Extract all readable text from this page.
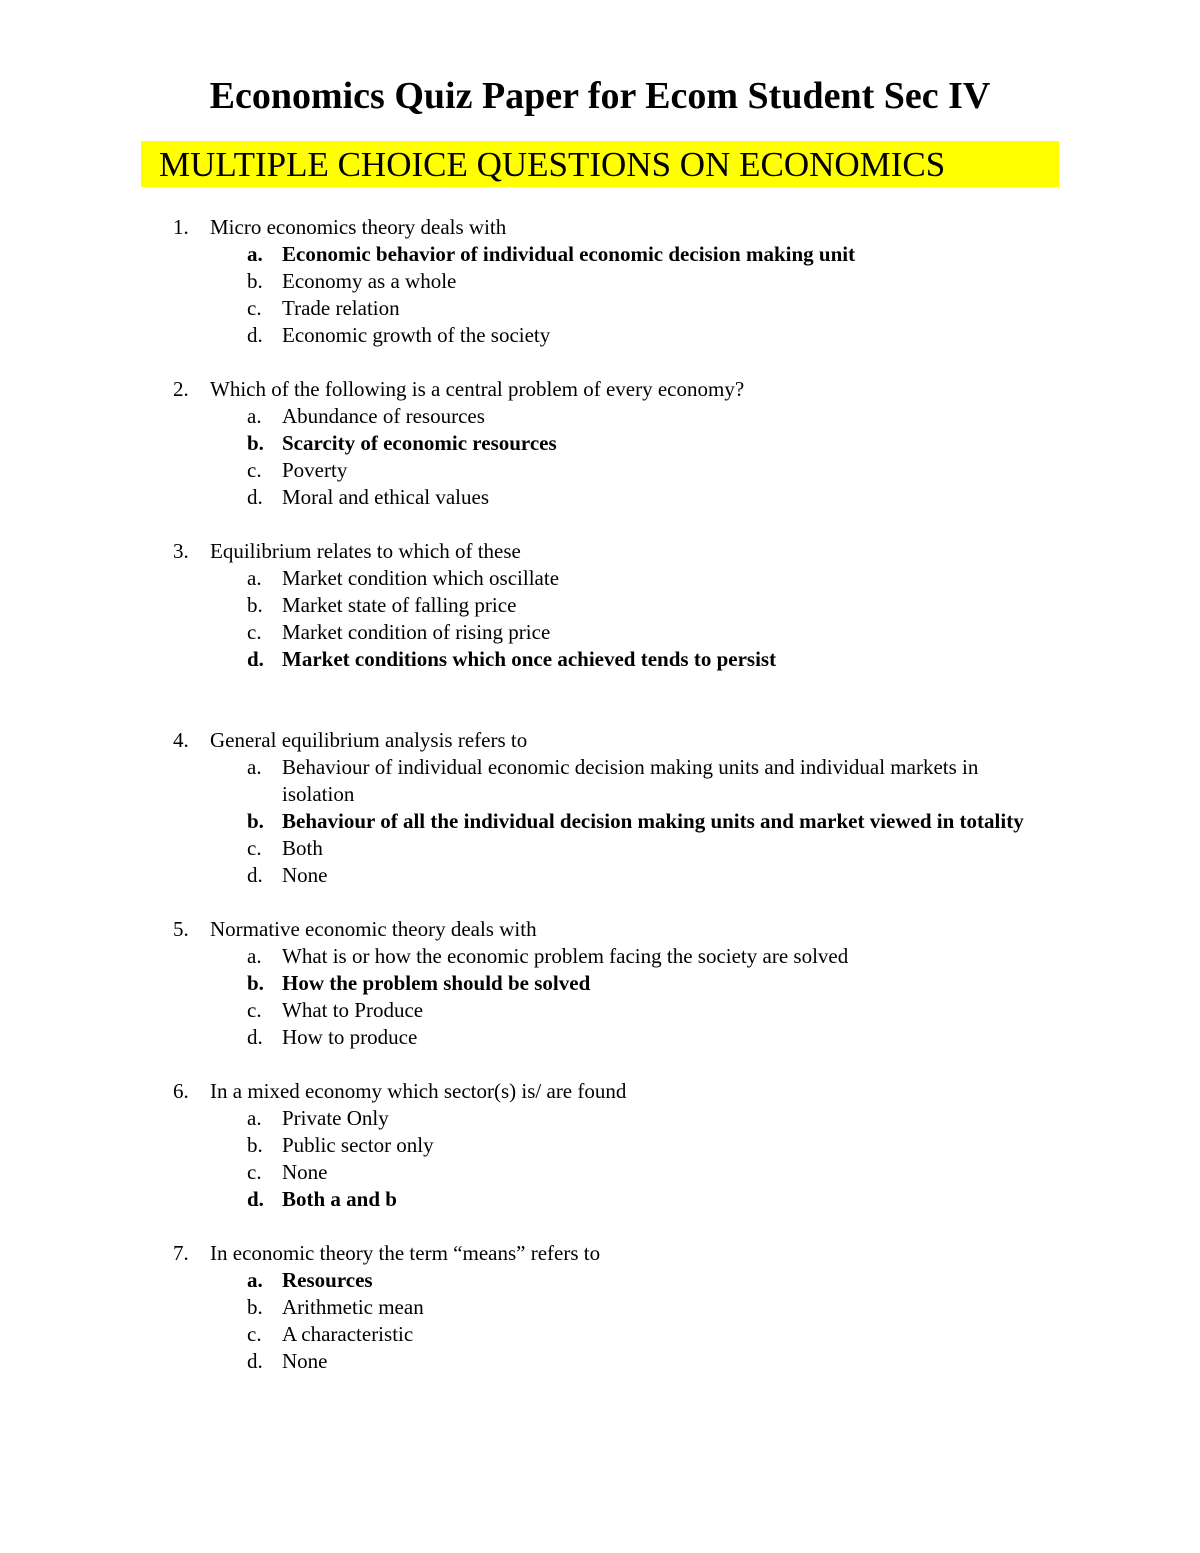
Economics Quiz Paper for Ecom Student Sec IV
MULTIPLE CHOICE QUESTIONS ON ECONOMICS
1.	Micro economics theory deals with
a. Economic behavior of individual economic decision making unit
b. Economy as a whole
c. Trade relation
d. Economic growth of the society
2.	Which of the following is a central problem of every economy?
a. Abundance of resources
b. Scarcity of economic resources
c. Poverty
d. Moral and ethical values
3.	Equilibrium relates to which of these
a. Market condition which oscillate
b. Market state of falling price
c. Market condition of rising price
d. Market conditions which once achieved tends to persist
4.	General equilibrium analysis refers to
a. Behaviour of individual economic decision making units and individual markets in isolation
b. Behaviour of all the individual decision making units and market viewed in totality
c. Both
d. None
5.	Normative economic theory deals with
a. What is or how the economic problem facing the society are solved
b. How the problem should be solved
c. What to Produce
d. How to produce
6.	In a mixed economy which sector(s) is/ are found
a. Private Only
b. Public sector only
c. None
d. Both a and b
7.	In economic theory the term “means” refers to
a. Resources
b. Arithmetic mean
c. A characteristic
d. None
